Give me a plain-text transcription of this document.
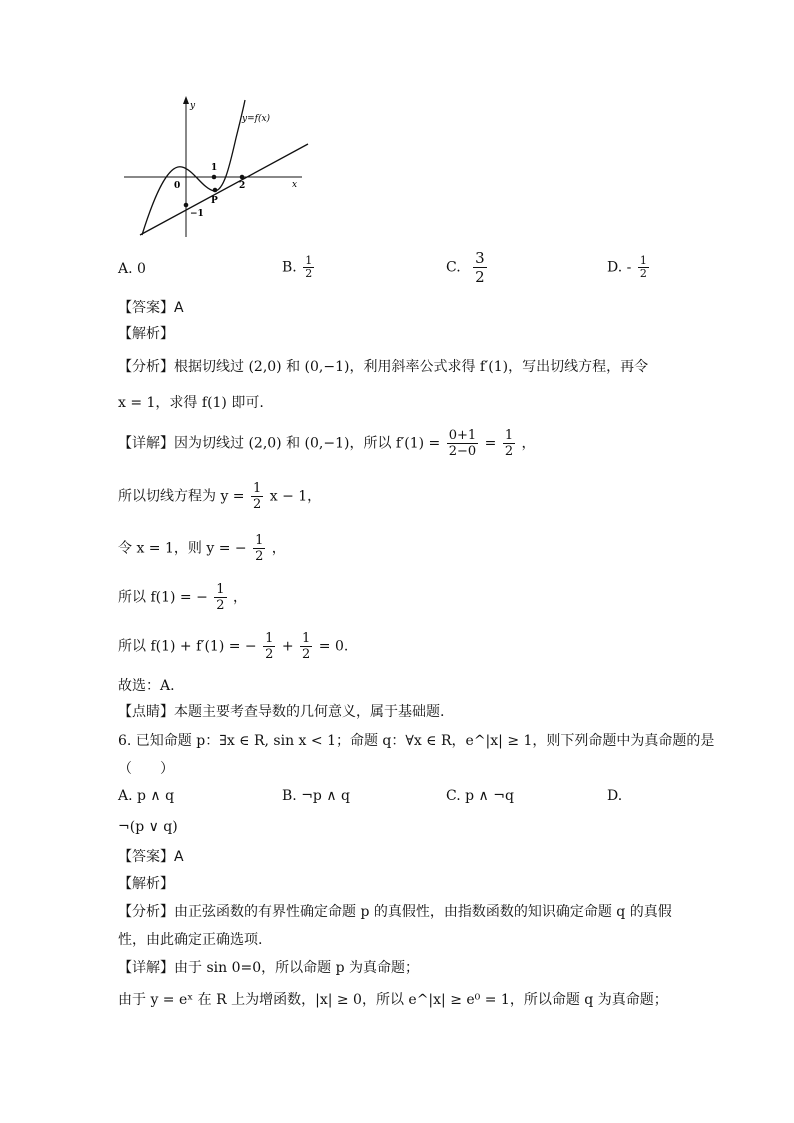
y
x
y=f(x)
0
1
2
−1
P
A. 0	B. $\frac{1}{2}$	C. $\frac{3}{2}$	D. - $\frac{1}{2}$
【答案】A
【解析】
【分析】根据切线过 (2,0) 和 (0,−1)，利用斜率公式求得 f′(1)，写出切线方程，再令
x = 1，求得 f(1) 即可.
【详解】因为切线过 (2,0) 和 (0,−1)，所以 $f'(1) = \frac{0+1}{2-0} = \frac{1}{2}$ ，
所以切线方程为 $y = \frac{1}{2}$ x − 1，
令 x = 1，则 y = − $\frac{1}{2}$ ，
所以 f(1) = − $\frac{1}{2}$ ，
所以 f(1) + f′(1) = − $\frac{1}{2} + \frac{1}{2} = 0$.
故选：A.
【点睛】本题主要考查导数的几何意义，属于基础题.
6. 已知命题 p：∃x ∈ R, sin x < 1；命题 q：∀x ∈ R，e^|x| ≥ 1，则下列命题中为真命题的是
（　　）
A. p ∧ q	B. ¬p ∧ q	C. p ∧ ¬q	D.
¬(p ∨ q)
【答案】A
【解析】
【分析】由正弦函数的有界性确定命题 p 的真假性，由指数函数的知识确定命题 q 的真假
性，由此确定正确选项.
【详解】由于 sin 0=0，所以命题 p 为真命题；
由于 y = eˣ 在 R 上为增函数，|x| ≥ 0，所以 e^|x| ≥ e⁰ = 1，所以命题 q 为真命题；
